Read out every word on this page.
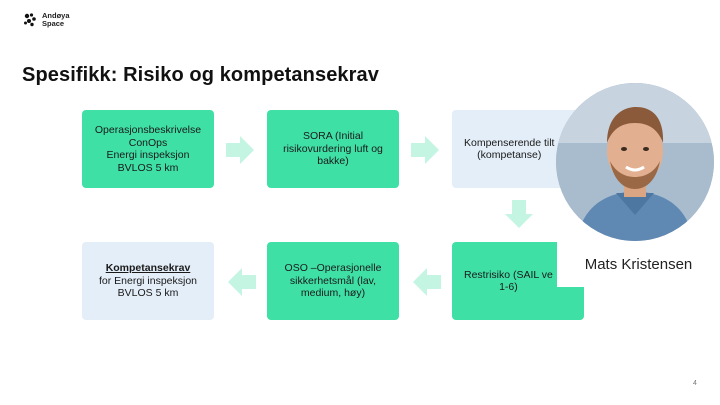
Andøya
Space
Spesifikk: Risiko og kompetansekrav
Operasjonsbeskrivelse
ConOps
Energi inspeksjon
BVLOS 5 km
SORA (Initial
risikovurdering luft og
bakke)
Kompenserende tilt
(kompetanse)
Restrisiko (SAIL ve
1-6)
OSO –Operasjonelle
sikkerhetsmål (lav,
medium, høy)
Kompetansekrav
for Energi inspeksjon
BVLOS 5 km
Mats Kristensen
4
